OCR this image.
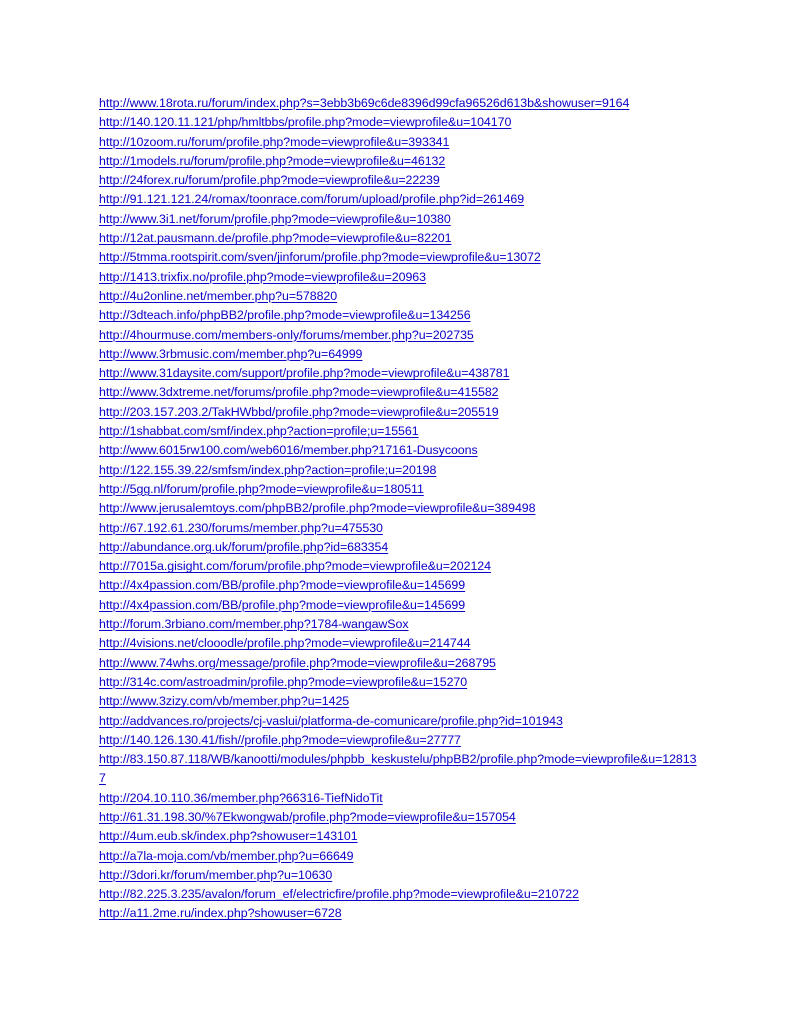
http://www.18rota.ru/forum/index.php?s=3ebb3b69c6de8396d99cfa96526d613b&showuser=9164
http://140.120.11.121/php/hmltbbs/profile.php?mode=viewprofile&u=104170
http://10zoom.ru/forum/profile.php?mode=viewprofile&u=393341
http://1models.ru/forum/profile.php?mode=viewprofile&u=46132
http://24forex.ru/forum/profile.php?mode=viewprofile&u=22239
http://91.121.121.24/romax/toonrace.com/forum/upload/profile.php?id=261469
http://www.3i1.net/forum/profile.php?mode=viewprofile&u=10380
http://12at.pausmann.de/profile.php?mode=viewprofile&u=82201
http://5tmma.rootspirit.com/sven/jinforum/profile.php?mode=viewprofile&u=13072
http://1413.trixfix.no/profile.php?mode=viewprofile&u=20963
http://4u2online.net/member.php?u=578820
http://3dteach.info/phpBB2/profile.php?mode=viewprofile&u=134256
http://4hourmuse.com/members-only/forums/member.php?u=202735
http://www.3rbmusic.com/member.php?u=64999
http://www.31daysite.com/support/profile.php?mode=viewprofile&u=438781
http://www.3dxtreme.net/forums/profile.php?mode=viewprofile&u=415582
http://203.157.203.2/TakHWbbd/profile.php?mode=viewprofile&u=205519
http://1shabbat.com/smf/index.php?action=profile;u=15561
http://www.6015rw100.com/web6016/member.php?17161-Dusycoons
http://122.155.39.22/smfsm/index.php?action=profile;u=20198
http://5gg.nl/forum/profile.php?mode=viewprofile&u=180511
http://www.jerusalemtoys.com/phpBB2/profile.php?mode=viewprofile&u=389498
http://67.192.61.230/forums/member.php?u=475530
http://abundance.org.uk/forum/profile.php?id=683354
http://7015a.gisight.com/forum/profile.php?mode=viewprofile&u=202124
http://4x4passion.com/BB/profile.php?mode=viewprofile&u=145699
http://4x4passion.com/BB/profile.php?mode=viewprofile&u=145699
http://forum.3rbiano.com/member.php?1784-wangawSox
http://4visions.net/clooodle/profile.php?mode=viewprofile&u=214744
http://www.74whs.org/message/profile.php?mode=viewprofile&u=268795
http://314c.com/astroadmin/profile.php?mode=viewprofile&u=15270
http://www.3zizy.com/vb/member.php?u=1425
http://addvances.ro/projects/cj-vaslui/platforma-de-comunicare/profile.php?id=101943
http://140.126.130.41/fish//profile.php?mode=viewprofile&u=27777
http://83.150.87.118/WB/kanootti/modules/phpbb_keskustelu/phpBB2/profile.php?mode=viewprofile&u=128137
http://204.10.110.36/member.php?66316-TiefNidoTit
http://61.31.198.30/%7Ekwongwab/profile.php?mode=viewprofile&u=157054
http://4um.eub.sk/index.php?showuser=143101
http://a7la-moja.com/vb/member.php?u=66649
http://3dori.kr/forum/member.php?u=10630
http://82.225.3.235/avalon/forum_ef/electricfire/profile.php?mode=viewprofile&u=210722
http://a11.2me.ru/index.php?showuser=6728
